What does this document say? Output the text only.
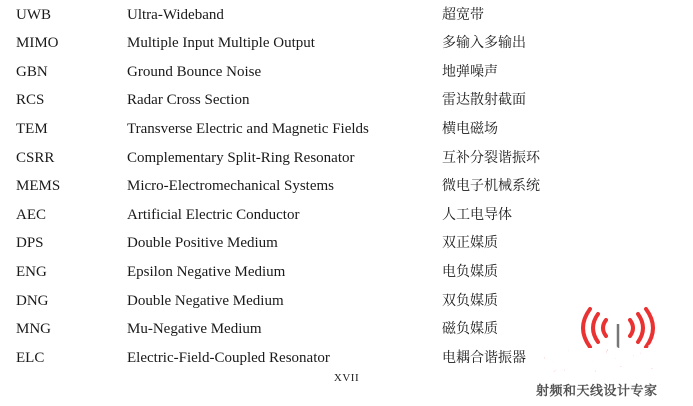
UWB	Ultra-Wideband	超宽带
MIMO	Multiple Input Multiple Output	多输入多输出
GBN	Ground Bounce Noise	地弹噪声
RCS	Radar Cross Section	雷达散射截面
TEM	Transverse Electric and Magnetic Fields	横电磁场
CSRR	Complementary Split-Ring Resonator	互补分裂谐振环
MEMS	Micro-Electromechanical Systems	微电子机械系统
AEC	Artificial Electric Conductor	人工电导体
DPS	Double Positive Medium	双正媒质
ENG	Epsilon Negative Medium	电负媒质
DNG	Double Negative Medium	双负媒质
MNG	Mu-Negative Medium	磁负媒质
ELC	Electric-Field-Coupled Resonator	电耦合谐振器
XVII
易迪拓培训
射频和天线设计专家
